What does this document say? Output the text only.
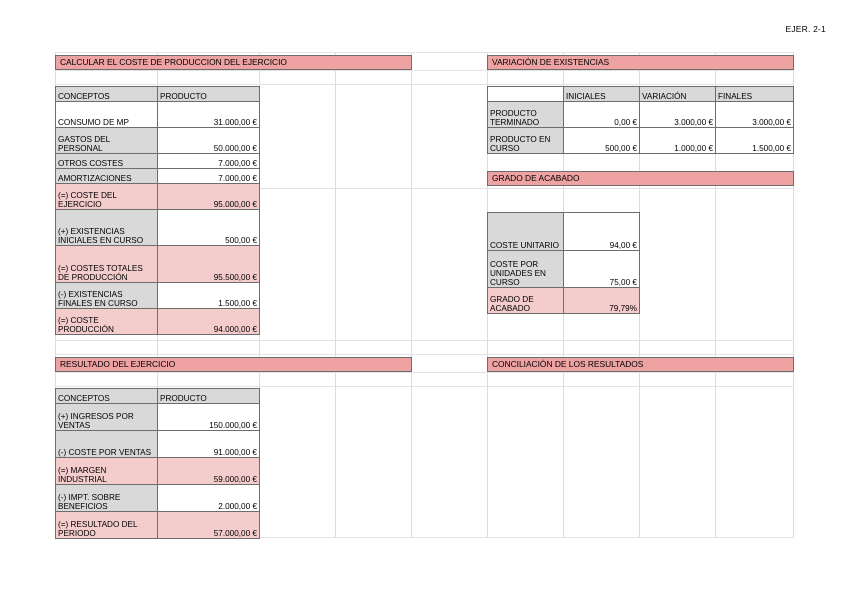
EJER. 2-1
CALCULAR EL COSTE DE PRODUCCION DEL EJERCICIO
CONCEPTOS	PRODUCTO
CONSUMO DE MP	31.000,00 €
GASTOS DEL PERSONAL	50.000,00 €
OTROS COSTES	7.000,00 €
AMORTIZACIONES	7.000,00 €
(=) COSTE DEL EJERCICIO	95.000,00 €
(+) EXISTENCIAS INICIALES EN CURSO	500,00 €
(=) COSTES TOTALES DE PRODUCCIÓN	95.500,00 €
(-) EXISTENCIAS FINALES EN CURSO	1.500,00 €
(=) COSTE PRODUCCIÓN	94.000,00 €
RESULTADO DEL EJERCICIO
CONCEPTOS	PRODUCTO
(+) INGRESOS POR VENTAS	150.000,00 €
(-) COSTE POR VENTAS	91.000,00 €
(=) MARGEN INDUSTRIAL	59.000,00 €
(-) IMPT. SOBRE BENEFICIOS	2.000,00 €
(=) RESULTADO DEL PERIODO	57.000,00 €
VARIACIÓN DE EXISTENCIAS
	INICIALES	VARIACIÓN	FINALES
PRODUCTO TERMINADO	0,00 €	3.000,00 €	3.000,00 €
PRODUCTO EN CURSO	500,00 €	1.000,00 €	1.500,00 €
GRADO DE ACABADO
COSTE UNITARIO	94,00 €
COSTE POR UNIDADES EN CURSO	75,00 €
GRADO DE ACABADO	79,79%
CONCILIACIÓN DE LOS RESULTADOS
